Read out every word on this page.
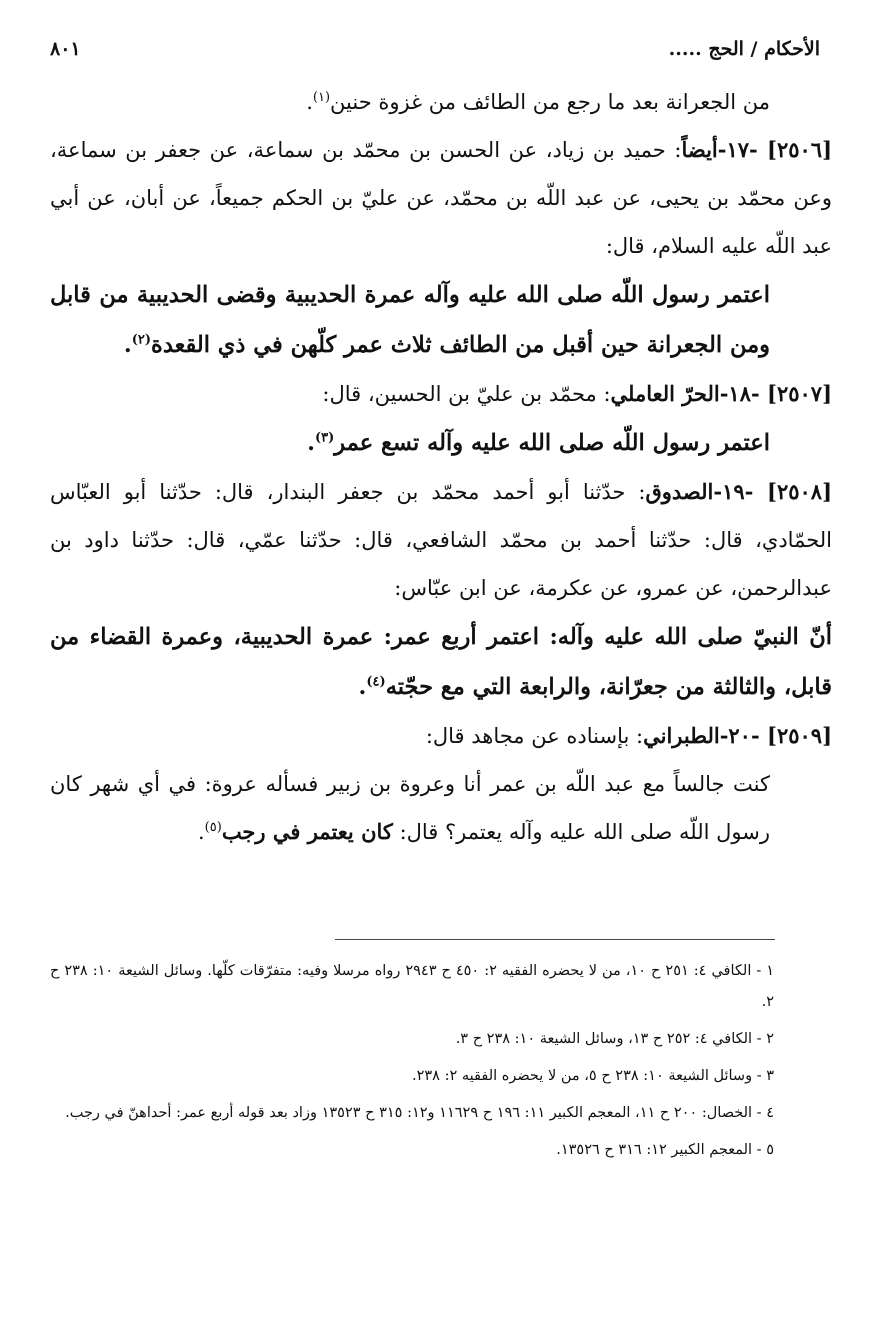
الأحكام / الحج .....
٨٠١

من الجعرانة بعد ما رجع من الطائف من غزوة حنين$^{(١)}$.

[٢٥٠٦] -١٧-أيضاً: حميد بن زياد، عن الحسن بن محمّد بن سماعة، عن جعفر بن سماعة، وعن محمّد بن يحيى، عن عبد اللّه بن محمّد، عن عليّ بن الحكم جميعاً، عن أبان، عن أبي عبد اللّه عليه السلام، قال:

اعتمر رسول اللّه صلى الله عليه وآله عمرة الحديبية وقضى الحديبية من قابل ومن الجعرانة حين أقبل من الطائف ثلاث عمر كلّهن في ذي القعدة$^{(٢)}$.

[٢٥٠٧] -١٨-الحرّ العاملي: محمّد بن عليّ بن الحسين، قال:

اعتمر رسول اللّه صلى الله عليه وآله تسع عمر$^{(٣)}$.

[٢٥٠٨] -١٩-الصدوق: حدّثنا أبو أحمد محمّد بن جعفر البندار، قال: حدّثنا أبو العبّاس الحمّادي، قال: حدّثنا أحمد بن محمّد الشافعي، قال: حدّثنا عمّي، قال: حدّثنا داود بن عبدالرحمن، عن عمرو، عن عكرمة، عن ابن عبّاس:

أنّ النبيّ صلى الله عليه وآله: اعتمر أربع عمر: عمرة الحديبية، وعمرة القضاء من قابل، والثالثة من جعرّانة، والرابعة التي مع حجّته$^{(٤)}$.

[٢٥٠٩] -٢٠-الطبراني: بإسناده عن مجاهد قال:

كنت جالساً مع عبد اللّه بن عمر أنا وعروة بن زبير فسأله عروة: في أي شهر كان رسول اللّه صلى الله عليه وآله يعتمر؟ قال: كان يعتمر في رجب$^{(٥)}$.

١ - الكافي ٤: ٢٥١ ح ١٠، من لا يحضره الفقيه ٢: ٤٥٠ ح ٢٩٤٣ رواه مرسلا وفيه: متفرّقات كلّها. وسائل الشيعة ١٠: ٢٣٨ ح ٢.

٢ - الكافي ٤: ٢٥٢ ح ١٣، وسائل الشيعة ١٠: ٢٣٨ ح ٣.

٣ - وسائل الشيعة ١٠: ٢٣٨ ح ٥، من لا يحضره الفقيه ٢: ٢٣٨.

٤ - الخصال: ٢٠٠ ح ١١، المعجم الكبير ١١: ١٩٦ ح ١١٦٢٩ و١٢: ٣١٥ ح ١٣٥٢٣ وزاد بعد قوله أربع عمر: أحداهنّ في رجب.

٥ - المعجم الكبير ١٢: ٣١٦ ح ١٣٥٢٦.
